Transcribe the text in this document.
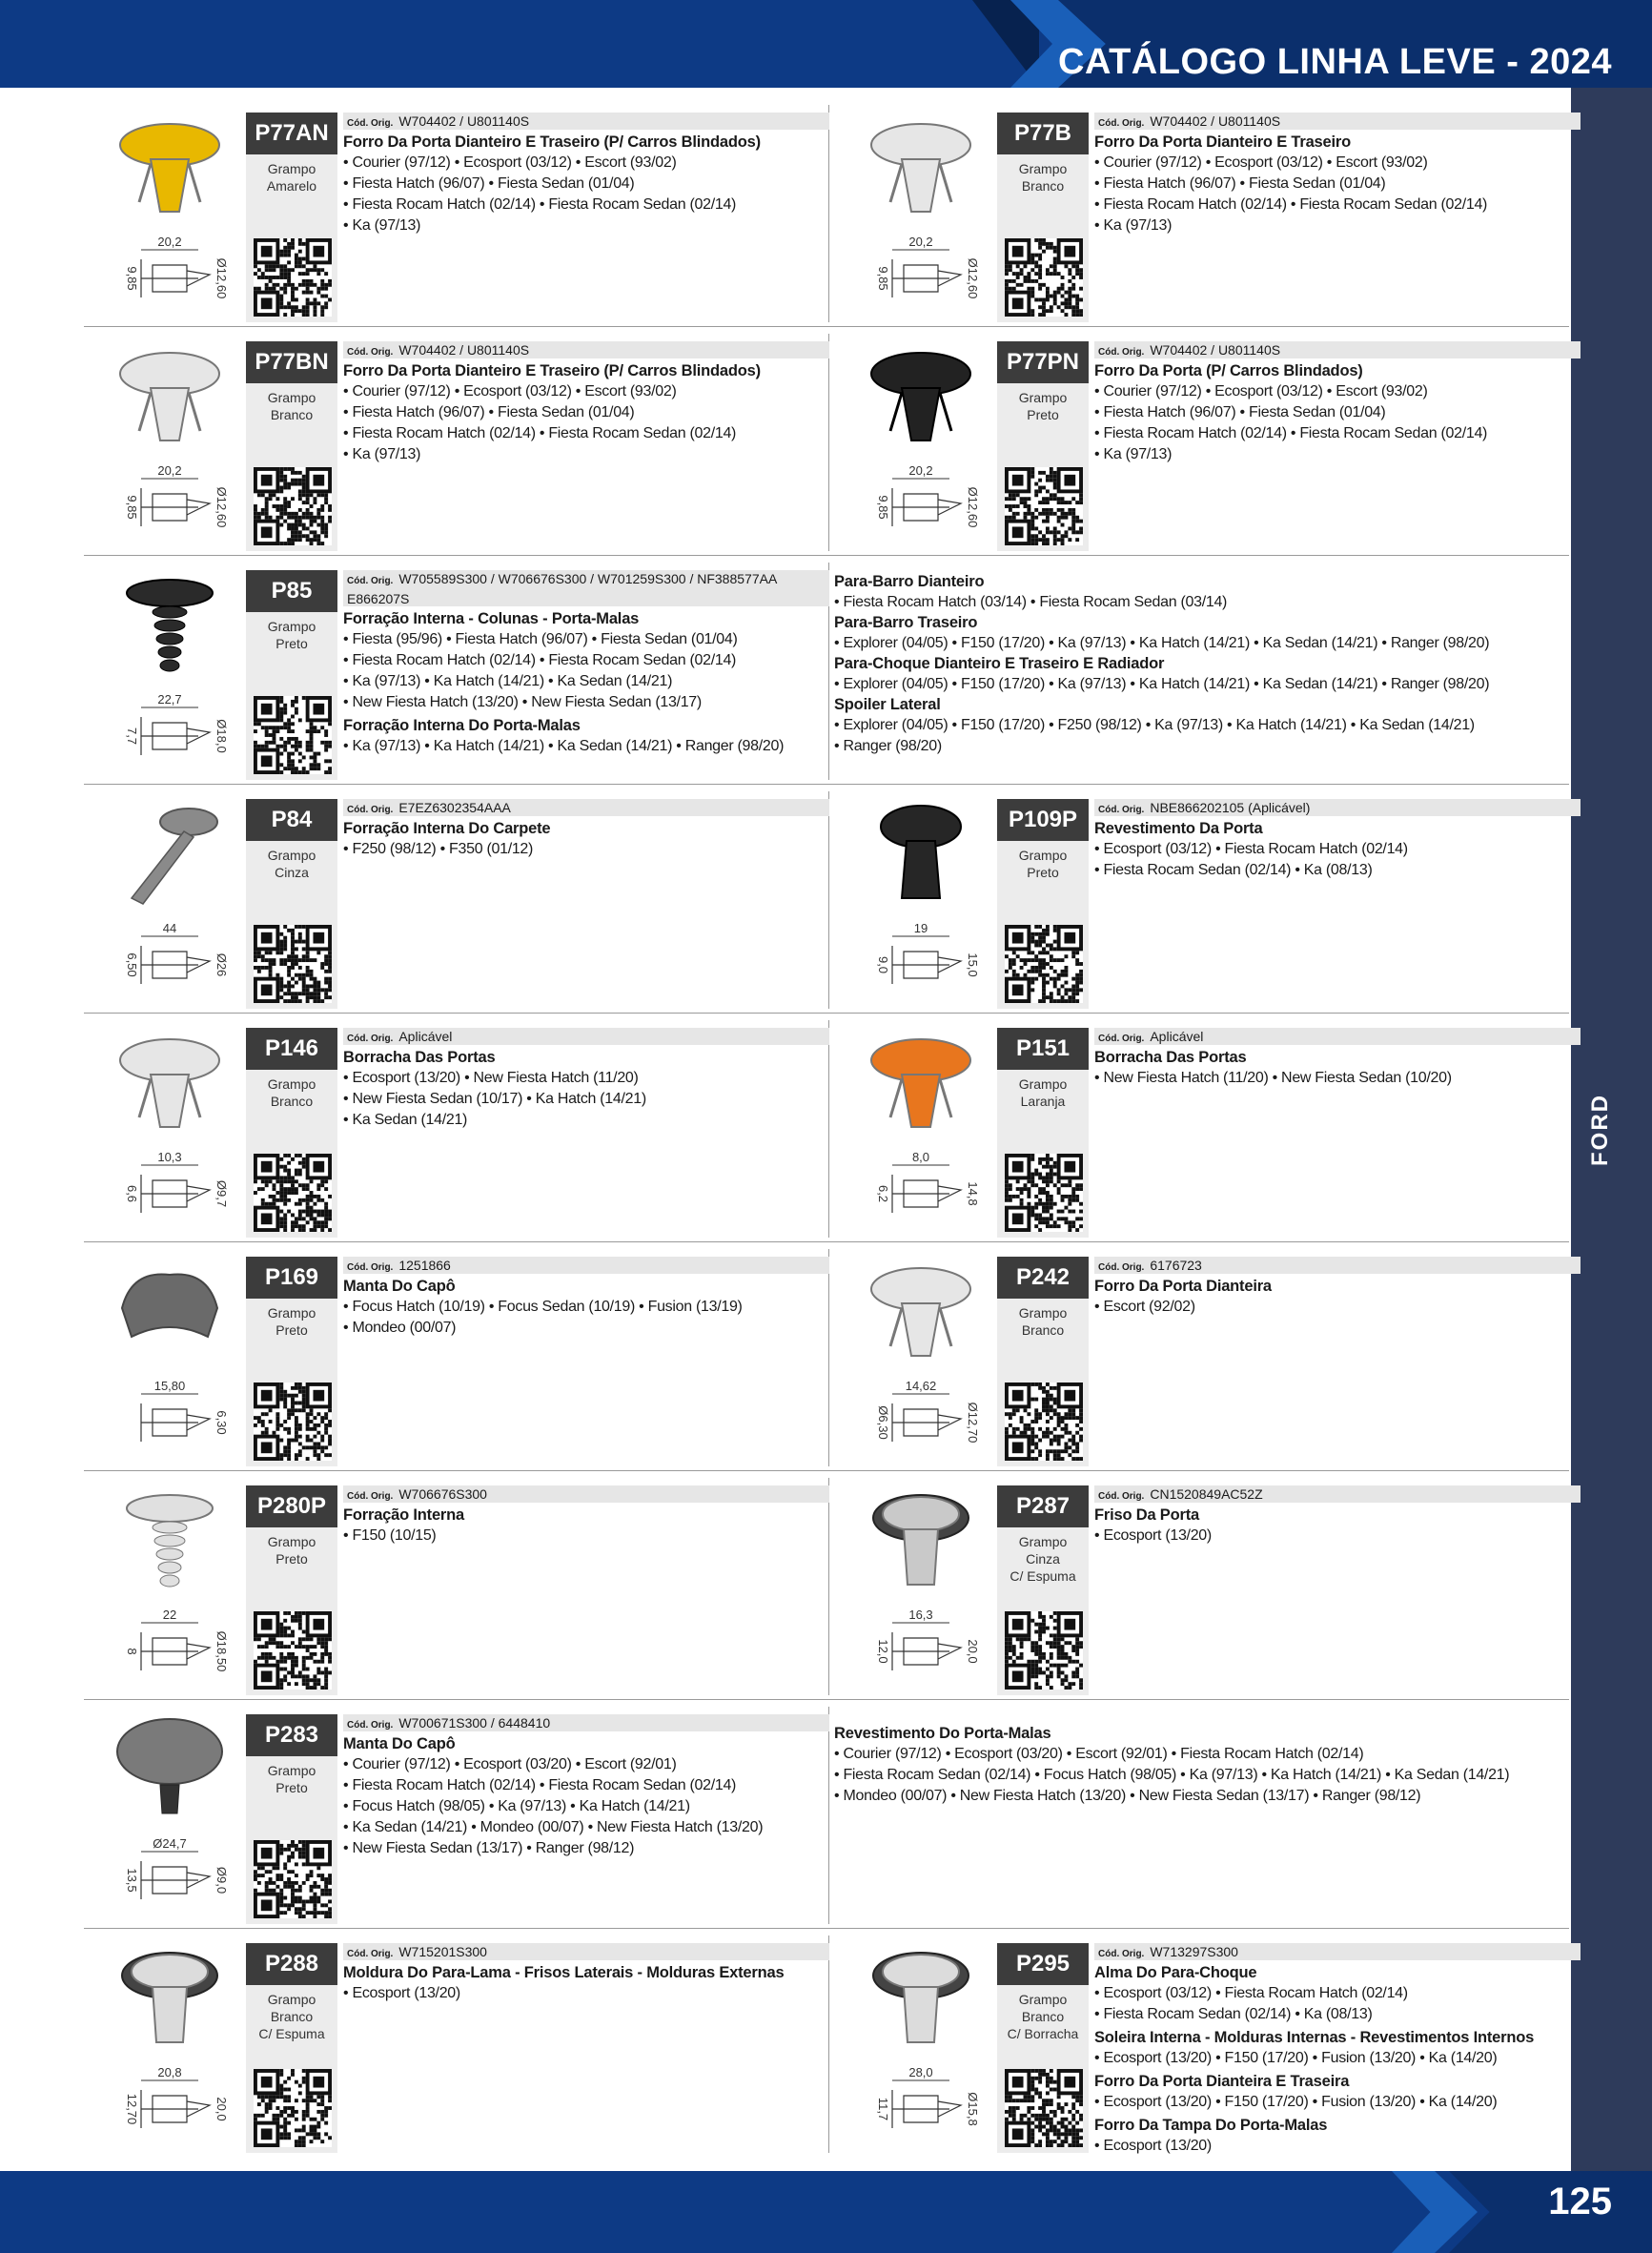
CATÁLOGO LINHA LEVE - 2024
FORD
20,2
9,85	Ø12,60
P77AN
Grampo
Amarelo
Cód. Orig. W704402 / U801140S
Forro Da Porta Dianteiro E Traseiro (P/ Carros Blindados)
• Courier (97/12) • Ecosport (03/12) • Escort (93/02)
• Fiesta Hatch (96/07) • Fiesta Sedan (01/04)
• Fiesta Rocam Hatch (02/14) • Fiesta Rocam Sedan (02/14)
• Ka (97/13)
20,2
9,85	Ø12,60
P77B
Grampo
Branco
Cód. Orig. W704402 / U801140S
Forro Da Porta Dianteiro E Traseiro
• Courier (97/12) • Ecosport (03/12) • Escort (93/02)
• Fiesta Hatch (96/07) • Fiesta Sedan (01/04)
• Fiesta Rocam Hatch (02/14) • Fiesta Rocam Sedan (02/14)
• Ka (97/13)
20,2
9,85	Ø12,60
P77BN
Grampo
Branco
Cód. Orig. W704402 / U801140S
Forro Da Porta Dianteiro E Traseiro (P/ Carros Blindados)
• Courier (97/12) • Ecosport (03/12) • Escort (93/02)
• Fiesta Hatch (96/07) • Fiesta Sedan (01/04)
• Fiesta Rocam Hatch (02/14) • Fiesta Rocam Sedan (02/14)
• Ka (97/13)
20,2
9,85	Ø12,60
P77PN
Grampo
Preto
Cód. Orig. W704402 / U801140S
Forro Da Porta (P/ Carros Blindados)
• Courier (97/12) • Ecosport (03/12) • Escort (93/02)
• Fiesta Hatch (96/07) • Fiesta Sedan (01/04)
• Fiesta Rocam Hatch (02/14) • Fiesta Rocam Sedan (02/14)
• Ka (97/13)
22,7
7,7	Ø18,0
P85
Grampo
Preto
Cód. Orig. W705589S300 / W706676S300 / W701259S300 / NF388577AA E866207S
Forração Interna - Colunas - Porta-Malas
• Fiesta (95/96) • Fiesta Hatch (96/07) • Fiesta Sedan (01/04)
• Fiesta Rocam Hatch (02/14) • Fiesta Rocam Sedan (02/14)
• Ka (97/13) • Ka Hatch (14/21) • Ka Sedan (14/21)
• New Fiesta Hatch (13/20) • New Fiesta Sedan (13/17)
Forração Interna Do Porta-Malas
• Ka (97/13) • Ka Hatch (14/21) • Ka Sedan (14/21) • Ranger (98/20)
44
6,50	Ø26
P84
Grampo
Cinza
Cód. Orig. E7EZ6302354AAA
Forração Interna Do Carpete
• F250 (98/12) • F350 (01/12)
19
9,0	15,0
P109P
Grampo
Preto
Cód. Orig. NBE866202105 (Aplicável)
Revestimento Da Porta
• Ecosport (03/12) • Fiesta Rocam Hatch (02/14)
• Fiesta Rocam Sedan (02/14) • Ka (08/13)
10,3
6,6	Ø9,7
P146
Grampo
Branco
Cód. Orig. Aplicável
Borracha Das Portas
• Ecosport (13/20) • New Fiesta Hatch (11/20)
• New Fiesta Sedan (10/17) • Ka Hatch (14/21)
• Ka Sedan (14/21)
8,0
6,2	14,8
P151
Grampo
Laranja
Cód. Orig. Aplicável
Borracha Das Portas
• New Fiesta Hatch (11/20) • New Fiesta Sedan (10/20)
15,80
6,30
P169
Grampo
Preto
Cód. Orig. 1251866
Manta Do Capô
• Focus Hatch (10/19) • Focus Sedan (10/19) • Fusion (13/19)
• Mondeo (00/07)
14,62
Ø6,30	Ø12,70
P242
Grampo
Branco
Cód. Orig. 6176723
Forro Da Porta Dianteira
• Escort (92/02)
22
8	Ø18,50
P280P
Grampo
Preto
Cód. Orig. W706676S300
Forração Interna
• F150 (10/15)
16,3
12,0	20,0
P287
Grampo
Cinza
C/ Espuma
Cód. Orig. CN1520849AC52Z
Friso Da Porta
• Ecosport (13/20)
Ø24,7
13,5	Ø9,0
P283
Grampo
Preto
Cód. Orig. W700671S300 / 6448410
Manta Do Capô
• Courier (97/12) • Ecosport (03/20) • Escort (92/01)
• Fiesta Rocam Hatch (02/14) • Fiesta Rocam Sedan (02/14)
• Focus Hatch (98/05) • Ka (97/13) • Ka Hatch (14/21)
• Ka Sedan (14/21) • Mondeo (00/07) • New Fiesta Hatch (13/20)
• New Fiesta Sedan (13/17) • Ranger (98/12)
20,8
12,70	20,0
P288
Grampo
Branco
C/ Espuma
Cód. Orig. W715201S300
Moldura Do Para-Lama - Frisos Laterais - Molduras Externas
• Ecosport (13/20)
28,0
11,7	Ø15,8
P295
Grampo
Branco
C/ Borracha
Cód. Orig. W713297S300
Alma Do Para-Choque
• Ecosport (03/12) • Fiesta Rocam Hatch (02/14)
• Fiesta Rocam Sedan (02/14) • Ka (08/13)
Soleira Interna - Molduras Internas - Revestimentos Internos
• Ecosport (13/20) • F150 (17/20) • Fusion (13/20) • Ka (14/20)
Forro Da Porta Dianteira E Traseira
• Ecosport (13/20) • F150 (17/20) • Fusion (13/20) • Ka (14/20)
Forro Da Tampa Do Porta-Malas
• Ecosport (13/20)
Para-Barro Dianteiro
• Fiesta Rocam Hatch (03/14) • Fiesta Rocam Sedan (03/14)
Para-Barro Traseiro
• Explorer (04/05) • F150 (17/20) • Ka (97/13) • Ka Hatch (14/21) • Ka Sedan (14/21) • Ranger (98/20)
Para-Choque Dianteiro E Traseiro E Radiador
• Explorer (04/05) • F150 (17/20) • Ka (97/13) • Ka Hatch (14/21) • Ka Sedan (14/21) • Ranger (98/20)
Spoiler Lateral
• Explorer (04/05) • F150 (17/20) • F250 (98/12) • Ka (97/13) • Ka Hatch (14/21) • Ka Sedan (14/21)
• Ranger (98/20)
Revestimento Do Porta-Malas
• Courier (97/12) • Ecosport (03/20) • Escort (92/01) • Fiesta Rocam Hatch (02/14)
• Fiesta Rocam Sedan (02/14) • Focus Hatch (98/05) • Ka (97/13) • Ka Hatch (14/21) • Ka Sedan (14/21)
• Mondeo (00/07) • New Fiesta Hatch (13/20) • New Fiesta Sedan (13/17) • Ranger (98/12)
125
